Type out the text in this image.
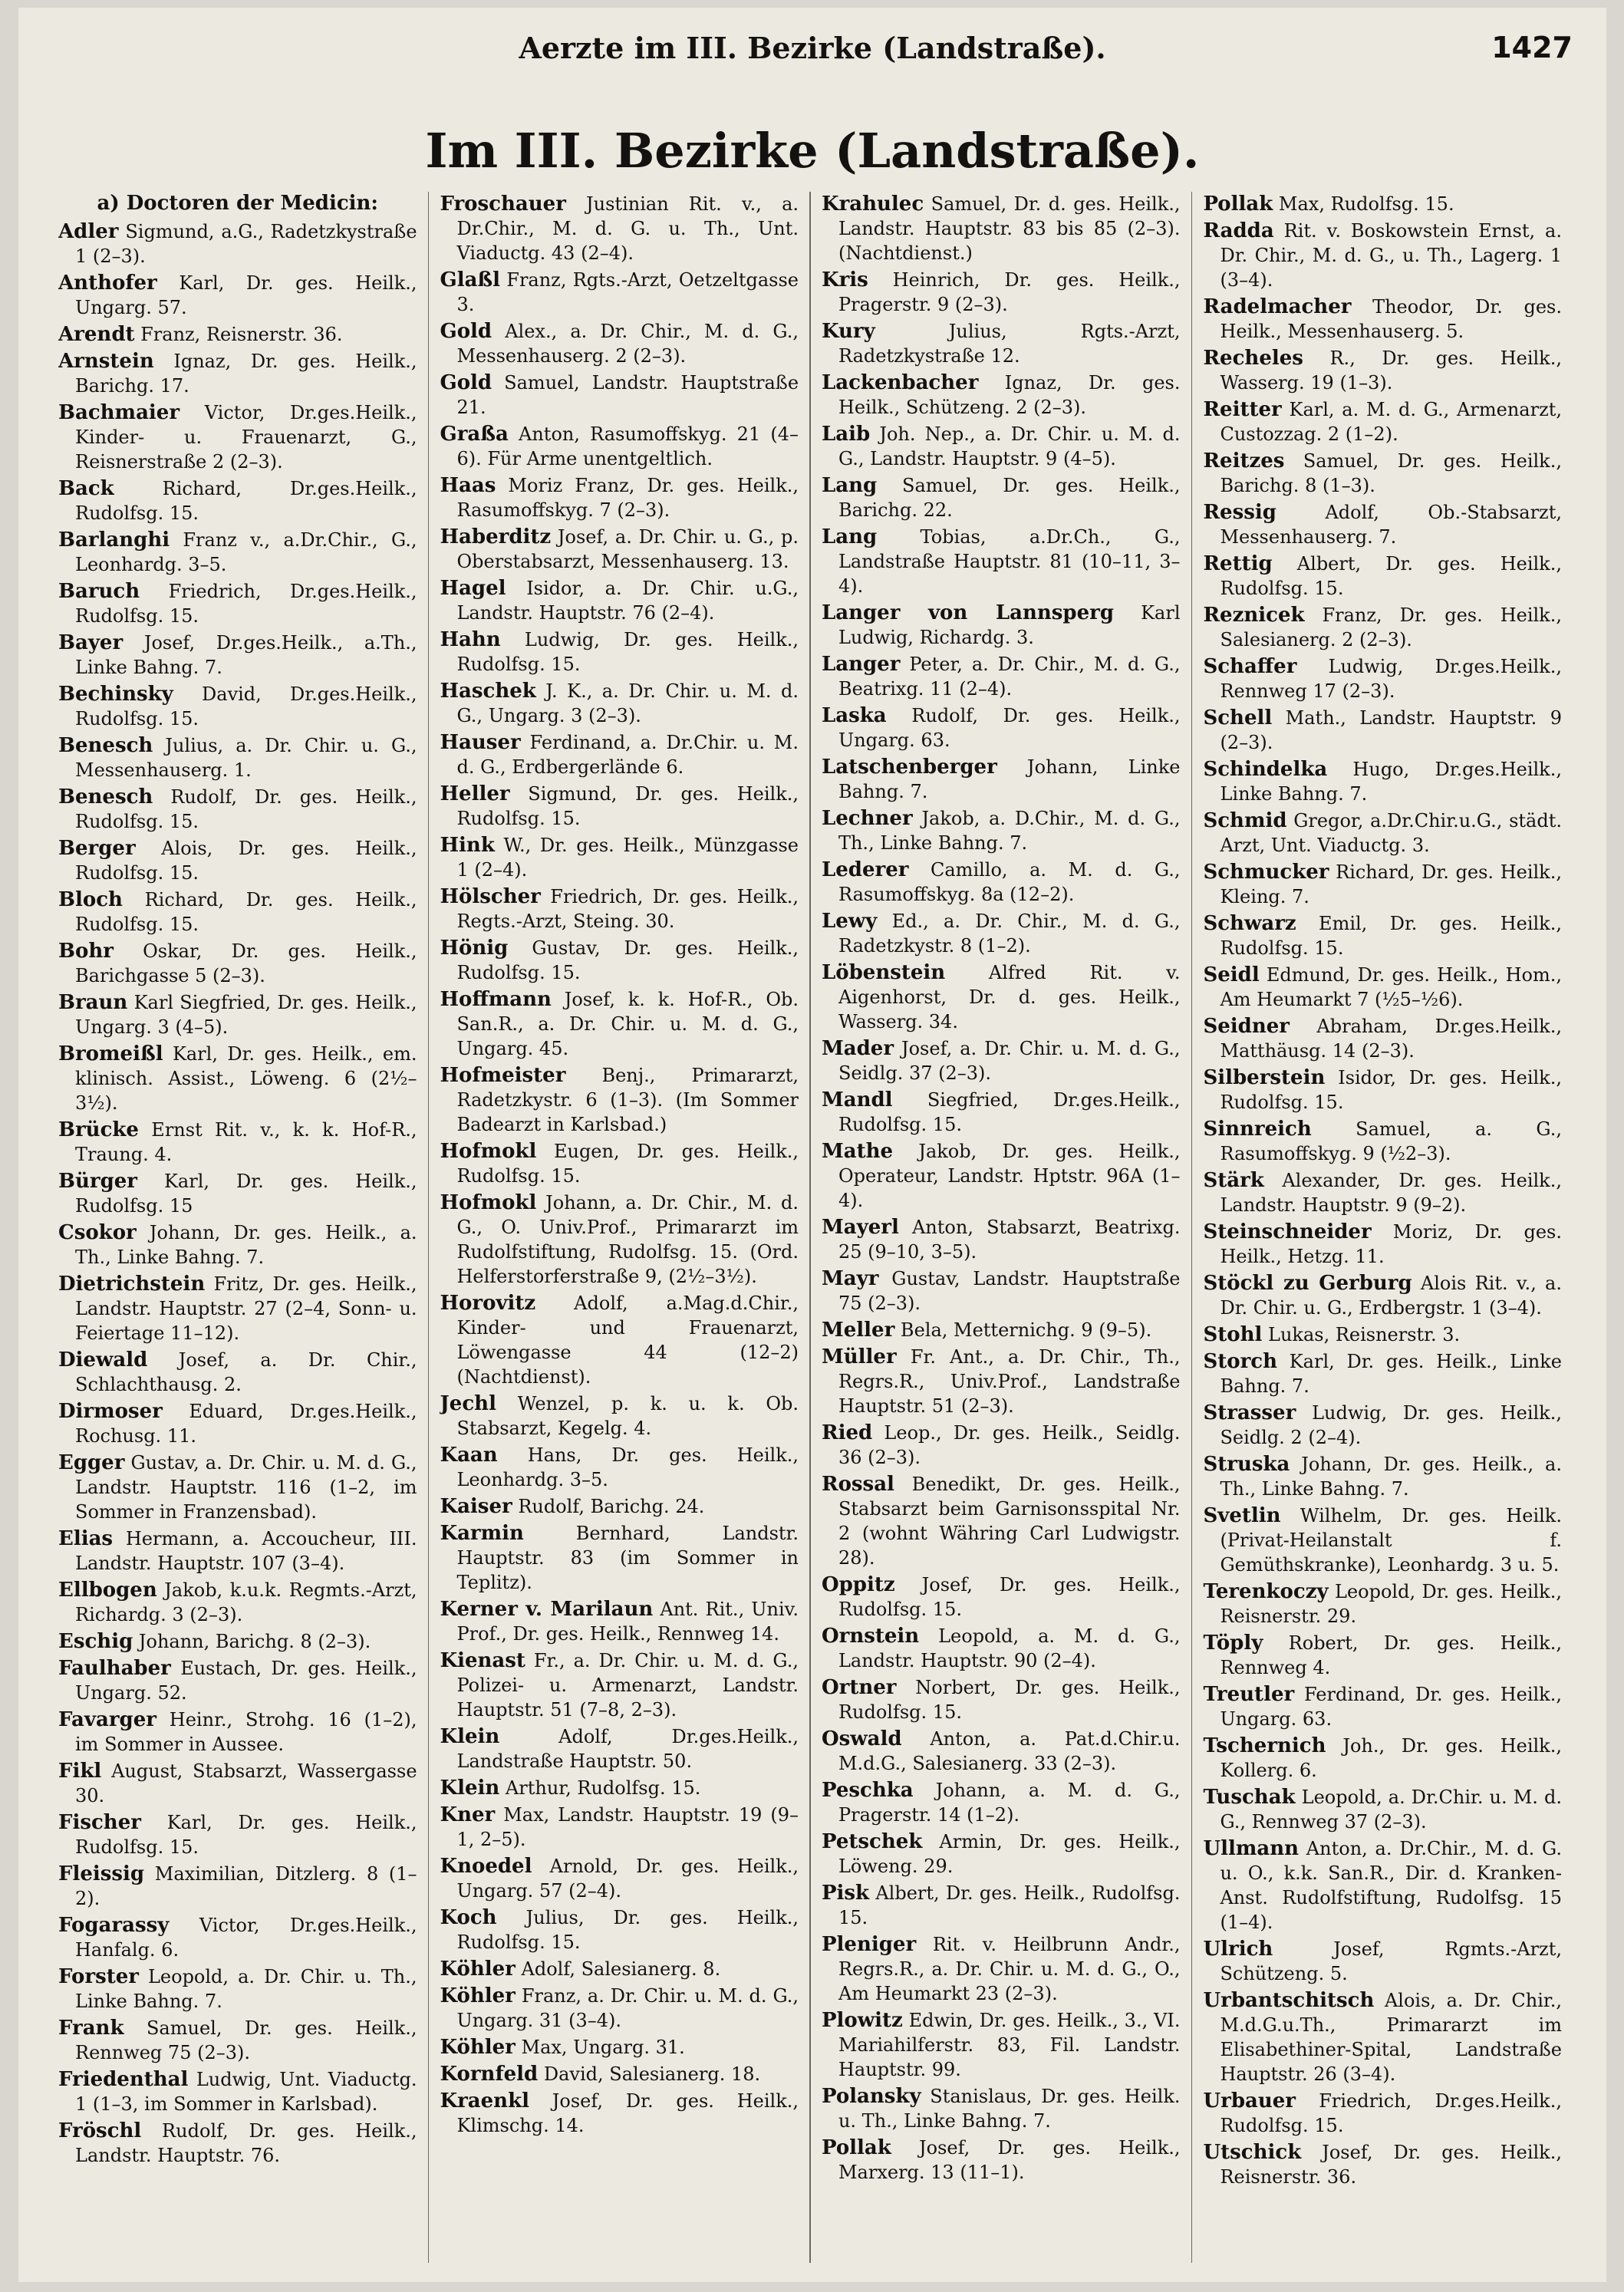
Aerzte im III. Bezirke (Landstraße).	1427
Im III. Bezirke (Landstraße).
a) Doctoren der Medicin:
Adler Sigmund, a.G., Radetzkystraße 1 (2–3).
Anthofer Karl, Dr. ges. Heilk., Ungarg. 57.
Arendt Franz, Reisnerstr. 36.
Arnstein Ignaz, Dr. ges. Heilk., Barichg. 17.
Bachmaier Victor, Dr.ges.Heilk., Kinder- u. Frauenarzt, G., Reisnerstraße 2 (2–3).
Back Richard, Dr.ges.Heilk., Rudolfsg. 15.
Barlanghi Franz v., a.Dr.Chir., G., Leonhardg. 3–5.
Baruch Friedrich, Dr.ges.Heilk., Rudolfsg. 15.
Bayer Josef, Dr.ges.Heilk., a.Th., Linke Bahng. 7.
Bechinsky David, Dr.ges.Heilk., Rudolfsg. 15.
Benesch Julius, a. Dr. Chir. u. G., Messenhauserg. 1.
Benesch Rudolf, Dr. ges. Heilk., Rudolfsg. 15.
Berger Alois, Dr. ges. Heilk., Rudolfsg. 15.
Bloch Richard, Dr. ges. Heilk., Rudolfsg. 15.
Bohr Oskar, Dr. ges. Heilk., Barichgasse 5 (2–3).
Braun Karl Siegfried, Dr. ges. Heilk., Ungarg. 3 (4–5).
Bromeißl Karl, Dr. ges. Heilk., em. klinisch. Assist., Löweng. 6 (2½–3½).
Brücke Ernst Rit. v., k. k. Hof-R., Traung. 4.
Bürger Karl, Dr. ges. Heilk., Rudolfsg. 15
Csokor Johann, Dr. ges. Heilk., a. Th., Linke Bahng. 7.
Dietrichstein Fritz, Dr. ges. Heilk., Landstr. Hauptstr. 27 (2–4, Sonn- u. Feiertage 11–12).
Diewald Josef, a. Dr. Chir., Schlachthausg. 2.
Dirmoser Eduard, Dr.ges.Heilk., Rochusg. 11.
Egger Gustav, a. Dr. Chir. u. M. d. G., Landstr. Hauptstr. 116 (1–2, im Sommer in Franzensbad).
Elias Hermann, a. Accoucheur, III. Landstr. Hauptstr. 107 (3–4).
Ellbogen Jakob, k.u.k. Regmts.-Arzt, Richardg. 3 (2–3).
Eschig Johann, Barichg. 8 (2–3).
Faulhaber Eustach, Dr. ges. Heilk., Ungarg. 52.
Favarger Heinr., Strohg. 16 (1–2), im Sommer in Aussee.
Fikl August, Stabsarzt, Wassergasse 30.
Fischer Karl, Dr. ges. Heilk., Rudolfsg. 15.
Fleissig Maximilian, Ditzlerg. 8 (1–2).
Fogarassy Victor, Dr.ges.Heilk., Hanfalg. 6.
Forster Leopold, a. Dr. Chir. u. Th., Linke Bahng. 7.
Frank Samuel, Dr. ges. Heilk., Rennweg 75 (2–3).
Friedenthal Ludwig, Unt. Viaductg. 1 (1–3, im Sommer in Karlsbad).
Fröschl Rudolf, Dr. ges. Heilk., Landstr. Hauptstr. 76.
Froschauer Justinian Rit. v., a. Dr.Chir., M. d. G. u. Th., Unt. Viaductg. 43 (2–4).
Glaßl Franz, Rgts.-Arzt, Oetzeltgasse 3.
Gold Alex., a. Dr. Chir., M. d. G., Messenhauserg. 2 (2–3).
Gold Samuel, Landstr. Hauptstraße 21.
Graßa Anton, Rasumoffskyg. 21 (4–6). Für Arme unentgeltlich.
Haas Moriz Franz, Dr. ges. Heilk., Rasumoffskyg. 7 (2–3).
Haberditz Josef, a. Dr. Chir. u. G., p. Oberstabsarzt, Messenhauserg. 13.
Hagel Isidor, a. Dr. Chir. u.G., Landstr. Hauptstr. 76 (2–4).
Hahn Ludwig, Dr. ges. Heilk., Rudolfsg. 15.
Haschek J. K., a. Dr. Chir. u. M. d. G., Ungarg. 3 (2–3).
Hauser Ferdinand, a. Dr.Chir. u. M. d. G., Erdbergerlände 6.
Heller Sigmund, Dr. ges. Heilk., Rudolfsg. 15.
Hink W., Dr. ges. Heilk., Münzgasse 1 (2–4).
Hölscher Friedrich, Dr. ges. Heilk., Regts.-Arzt, Steing. 30.
Hönig Gustav, Dr. ges. Heilk., Rudolfsg. 15.
Hoffmann Josef, k. k. Hof-R., Ob. San.R., a. Dr. Chir. u. M. d. G., Ungarg. 45.
Hofmeister Benj., Primararzt, Radetzkystr. 6 (1–3). (Im Sommer Badearzt in Karlsbad.)
Hofmokl Eugen, Dr. ges. Heilk., Rudolfsg. 15.
Hofmokl Johann, a. Dr. Chir., M. d. G., O. Univ.Prof., Primararzt im Rudolfstiftung, Rudolfsg. 15. (Ord. Helferstorferstraße 9, (2½–3½).
Horovitz Adolf, a.Mag.d.Chir., Kinder- und Frauenarzt, Löwengasse 44 (12–2) (Nachtdienst).
Jechl Wenzel, p. k. u. k. Ob. Stabsarzt, Kegelg. 4.
Kaan Hans, Dr. ges. Heilk., Leonhardg. 3–5.
Kaiser Rudolf, Barichg. 24.
Karmin Bernhard, Landstr. Hauptstr. 83 (im Sommer in Teplitz).
Kerner v. Marilaun Ant. Rit., Univ. Prof., Dr. ges. Heilk., Rennweg 14.
Kienast Fr., a. Dr. Chir. u. M. d. G., Polizei- u. Armenarzt, Landstr. Hauptstr. 51 (7–8, 2–3).
Klein Adolf, Dr.ges.Heilk., Landstraße Hauptstr. 50.
Klein Arthur, Rudolfsg. 15.
Kner Max, Landstr. Hauptstr. 19 (9–1, 2–5).
Knoedel Arnold, Dr. ges. Heilk., Ungarg. 57 (2–4).
Koch Julius, Dr. ges. Heilk., Rudolfsg. 15.
Köhler Adolf, Salesianerg. 8.
Köhler Franz, a. Dr. Chir. u. M. d. G., Ungarg. 31 (3–4).
Köhler Max, Ungarg. 31.
Kornfeld David, Salesianerg. 18.
Kraenkl Josef, Dr. ges. Heilk., Klimschg. 14.
Krahulec Samuel, Dr. d. ges. Heilk., Landstr. Hauptstr. 83 bis 85 (2–3). (Nachtdienst.)
Kris Heinrich, Dr. ges. Heilk., Pragerstr. 9 (2–3).
Kury Julius, Rgts.-Arzt, Radetzkystraße 12.
Lackenbacher Ignaz, Dr. ges. Heilk., Schützeng. 2 (2–3).
Laib Joh. Nep., a. Dr. Chir. u. M. d. G., Landstr. Hauptstr. 9 (4–5).
Lang Samuel, Dr. ges. Heilk., Barichg. 22.
Lang Tobias, a.Dr.Ch., G., Landstraße Hauptstr. 81 (10–11, 3–4).
Langer von Lannsperg Karl Ludwig, Richardg. 3.
Langer Peter, a. Dr. Chir., M. d. G., Beatrixg. 11 (2–4).
Laska Rudolf, Dr. ges. Heilk., Ungarg. 63.
Latschenberger Johann, Linke Bahng. 7.
Lechner Jakob, a. D.Chir., M. d. G., Th., Linke Bahng. 7.
Lederer Camillo, a. M. d. G., Rasumoffskyg. 8a (12–2).
Lewy Ed., a. Dr. Chir., M. d. G., Radetzkystr. 8 (1–2).
Löbenstein Alfred Rit. v. Aigenhorst, Dr. d. ges. Heilk., Wasserg. 34.
Mader Josef, a. Dr. Chir. u. M. d. G., Seidlg. 37 (2–3).
Mandl Siegfried, Dr.ges.Heilk., Rudolfsg. 15.
Mathe Jakob, Dr. ges. Heilk., Operateur, Landstr. Hptstr. 96A (1–4).
Mayerl Anton, Stabsarzt, Beatrixg. 25 (9–10, 3–5).
Mayr Gustav, Landstr. Hauptstraße 75 (2–3).
Meller Bela, Metternichg. 9 (9–5).
Müller Fr. Ant., a. Dr. Chir., Th., Regrs.R., Univ.Prof., Landstraße Hauptstr. 51 (2–3).
Ried Leop., Dr. ges. Heilk., Seidlg. 36 (2–3).
Rossal Benedikt, Dr. ges. Heilk., Stabsarzt beim Garnisonsspital Nr. 2 (wohnt Währing Carl Ludwigstr. 28).
Oppitz Josef, Dr. ges. Heilk., Rudolfsg. 15.
Ornstein Leopold, a. M. d. G., Landstr. Hauptstr. 90 (2–4).
Ortner Norbert, Dr. ges. Heilk., Rudolfsg. 15.
Oswald Anton, a. Pat.d.Chir.u. M.d.G., Salesianerg. 33 (2–3).
Peschka Johann, a. M. d. G., Pragerstr. 14 (1–2).
Petschek Armin, Dr. ges. Heilk., Löweng. 29.
Pisk Albert, Dr. ges. Heilk., Rudolfsg. 15.
Pleniger Rit. v. Heilbrunn Andr., Regrs.R., a. Dr. Chir. u. M. d. G., O., Am Heumarkt 23 (2–3).
Plowitz Edwin, Dr. ges. Heilk., 3., VI. Mariahilferstr. 83, Fil. Landstr. Hauptstr. 99.
Polansky Stanislaus, Dr. ges. Heilk. u. Th., Linke Bahng. 7.
Pollak Josef, Dr. ges. Heilk., Marxerg. 13 (11–1).
Pollak Max, Rudolfsg. 15.
Radda Rit. v. Boskowstein Ernst, a. Dr. Chir., M. d. G., u. Th., Lagerg. 1 (3–4).
Radelmacher Theodor, Dr. ges. Heilk., Messenhauserg. 5.
Recheles R., Dr. ges. Heilk., Wasserg. 19 (1–3).
Reitter Karl, a. M. d. G., Armenarzt, Custozzag. 2 (1–2).
Reitzes Samuel, Dr. ges. Heilk., Barichg. 8 (1–3).
Ressig Adolf, Ob.-Stabsarzt, Messenhauserg. 7.
Rettig Albert, Dr. ges. Heilk., Rudolfsg. 15.
Reznicek Franz, Dr. ges. Heilk., Salesianerg. 2 (2–3).
Schaffer Ludwig, Dr.ges.Heilk., Rennweg 17 (2–3).
Schell Math., Landstr. Hauptstr. 9 (2–3).
Schindelka Hugo, Dr.ges.Heilk., Linke Bahng. 7.
Schmid Gregor, a.Dr.Chir.u.G., städt. Arzt, Unt. Viaductg. 3.
Schmucker Richard, Dr. ges. Heilk., Kleing. 7.
Schwarz Emil, Dr. ges. Heilk., Rudolfsg. 15.
Seidl Edmund, Dr. ges. Heilk., Hom., Am Heumarkt 7 (½5–½6).
Seidner Abraham, Dr.ges.Heilk., Matthäusg. 14 (2–3).
Silberstein Isidor, Dr. ges. Heilk., Rudolfsg. 15.
Sinnreich Samuel, a. G., Rasumoffskyg. 9 (½2–3).
Stärk Alexander, Dr. ges. Heilk., Landstr. Hauptstr. 9 (9–2).
Steinschneider Moriz, Dr. ges. Heilk., Hetzg. 11.
Stöckl zu Gerburg Alois Rit. v., a. Dr. Chir. u. G., Erdbergstr. 1 (3–4).
Stohl Lukas, Reisnerstr. 3.
Storch Karl, Dr. ges. Heilk., Linke Bahng. 7.
Strasser Ludwig, Dr. ges. Heilk., Seidlg. 2 (2–4).
Struska Johann, Dr. ges. Heilk., a. Th., Linke Bahng. 7.
Svetlin Wilhelm, Dr. ges. Heilk. (Privat-Heilanstalt f. Gemüthskranke), Leonhardg. 3 u. 5.
Terenkoczy Leopold, Dr. ges. Heilk., Reisnerstr. 29.
Töply Robert, Dr. ges. Heilk., Rennweg 4.
Treutler Ferdinand, Dr. ges. Heilk., Ungarg. 63.
Tschernich Joh., Dr. ges. Heilk., Kollerg. 6.
Tuschak Leopold, a. Dr.Chir. u. M. d. G., Rennweg 37 (2–3).
Ullmann Anton, a. Dr.Chir., M. d. G. u. O., k.k. San.R., Dir. d. Kranken-Anst. Rudolfstiftung, Rudolfsg. 15 (1–4).
Ulrich Josef, Rgmts.-Arzt, Schützeng. 5.
Urbantschitsch Alois, a. Dr. Chir., M.d.G.u.Th., Primararzt im Elisabethiner-Spital, Landstraße Hauptstr. 26 (3–4).
Urbauer Friedrich, Dr.ges.Heilk., Rudolfsg. 15.
Utschick Josef, Dr. ges. Heilk., Reisnerstr. 36.
